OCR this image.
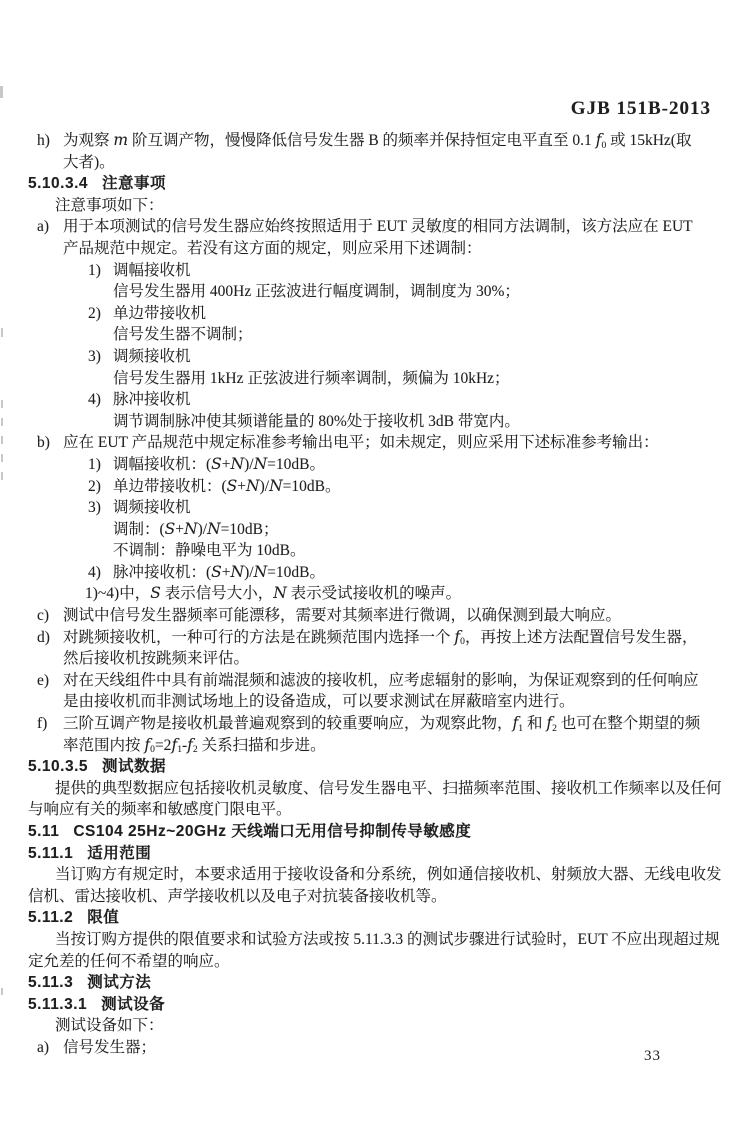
GJB 151B-2013
h) 为观察 m 阶互调产物，慢慢降低信号发生器 B 的频率并保持恒定电平直至 0.1 $f_0$ 或 15kHz(取
大者)。
5.10.3.4 注意事项
注意事项如下：
a) 用于本项测试的信号发生器应始终按照适用于 EUT 灵敏度的相同方法调制，该方法应在 EUT
产品规范中规定。若没有这方面的规定，则应采用下述调制：
1) 调幅接收机
信号发生器用 400Hz 正弦波进行幅度调制，调制度为 30%；
2) 单边带接收机
信号发生器不调制；
3) 调频接收机
信号发生器用 1kHz 正弦波进行频率调制，频偏为 10kHz；
4) 脉冲接收机
调节调制脉冲使其频谱能量的 80%处于接收机 3dB 带宽内。
b) 应在 EUT 产品规范中规定标准参考输出电平；如未规定，则应采用下述标准参考输出：
1) 调幅接收机：(S+N)/N=10dB。
2) 单边带接收机：(S+N)/N=10dB。
3) 调频接收机
调制：(S+N)/N=10dB；
不调制：静噪电平为 10dB。
4) 脉冲接收机：(S+N)/N=10dB。
1)~4)中，S 表示信号大小，N 表示受试接收机的噪声。
c) 测试中信号发生器频率可能漂移，需要对其频率进行微调，以确保测到最大响应。
d) 对跳频接收机，一种可行的方法是在跳频范围内选择一个 $f_0$，再按上述方法配置信号发生器，
然后接收机按跳频来评估。
e) 对在天线组件中具有前端混频和滤波的接收机，应考虑辐射的影响，为保证观察到的任何响应
是由接收机而非测试场地上的设备造成，可以要求测试在屏蔽暗室内进行。
f) 三阶互调产物是接收机最普遍观察到的较重要响应，为观察此物，$f_1$ 和 $f_2$ 也可在整个期望的频
率范围内按 $f_0=2f_1-f_2$ 关系扫描和步进。
5.10.3.5 测试数据
提供的典型数据应包括接收机灵敏度、信号发生器电平、扫描频率范围、接收机工作频率以及任何
与响应有关的频率和敏感度门限电平。
5.11 CS104 25Hz~20GHz 天线端口无用信号抑制传导敏感度
5.11.1 适用范围
当订购方有规定时，本要求适用于接收设备和分系统，例如通信接收机、射频放大器、无线电收发
信机、雷达接收机、声学接收机以及电子对抗装备接收机等。
5.11.2 限值
当按订购方提供的限值要求和试验方法或按 5.11.3.3 的测试步骤进行试验时，EUT 不应出现超过规
定允差的任何不希望的响应。
5.11.3 测试方法
5.11.3.1 测试设备
测试设备如下：
a) 信号发生器；
33
